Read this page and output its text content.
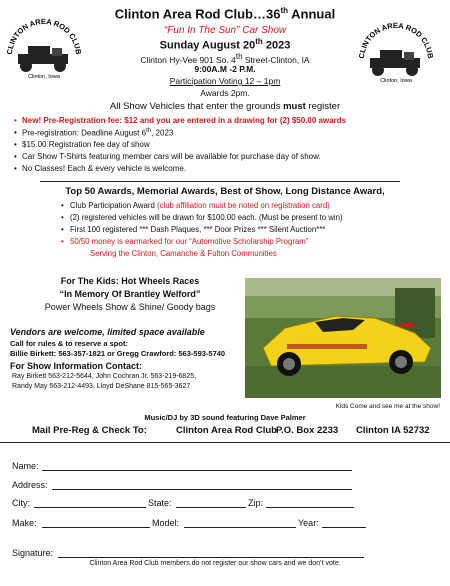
CLINTON AREA ROD CLUB
Clinton, Iowa
CLINTON AREA ROD CLUB
Clinton, Iowa
Clinton Area Rod Club…36th Annual
“Fun In The Sun” Car Show
Sunday August 20th 2023
Clinton Hy-Vee 901 So. 4th Street-Clinton, IA
9:00A.M -2 P.M.
Participation Voting 12 – 1pm
Awards 2pm.
All Show Vehicles that enter the grounds must register
• New! Pre-Registration fee: $12 and you are entered in a drawing for (2) $50.00 awards
• Pre-registration: Deadline August 6th, 2023
• $15.00 Registration fee day of show
• Car Show T-Shirts featuring member cars will be available for purchase day of show.
• No Classes! Each & every vehicle is welcome.
Top 50 Awards, Memorial Awards, Best of Show, Long Distance Award,
• Club Participation Award (club affiliation must be noted on registration card)
• (2) registered vehicles will be drawn for $100.00 each. (Must be present to win)
• First 100 registered *** Dash Plaques, *** Door Prizes *** Silent Auction***
• 50/50 money is earmarked for our “Automotive Scholarship Program”
Serving the Clinton, Camanche & Fulton Communities
For The Kids: Hot Wheels Races
“In Memory Of Brantley Welford”
Power Wheels Show & Shine/ Goody bags
Vendors are welcome, limited space available
Call for rules & to reserve a spot:
Billie Birkett: 563-357-1821 or Gregg Crawford: 563-593-5740
For Show Information Contact:
Ray Birkett 563-212-5644, John Cochran Jr. 563-219-6825,
Randy May 563-212-4493, Lloyd DeShane 815-565-3627
Kids Come and see me at the show!
Music/DJ by 3D sound featuring Dave Palmer
Mail Pre-Reg & Check To:	Clinton Area Rod Club P.O. Box 2233 Clinton IA 52732
Name:
Address:
City:	State:	Zip:
Make:	Model:	Year:
Signature:
Clinton Area Rod Club members do not register our show cars and we don’t vote.
